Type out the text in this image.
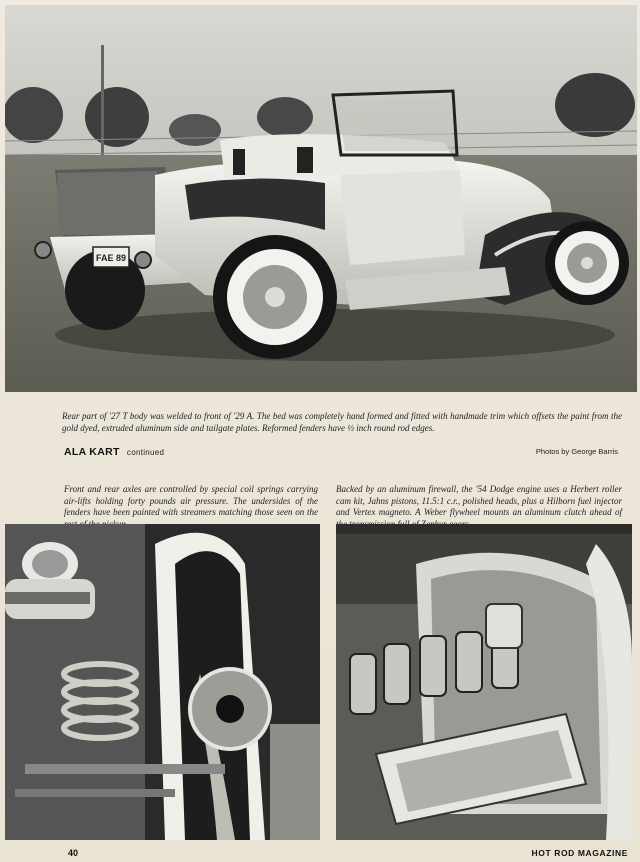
FAE 89

Rear part of '27 T body was welded to front of '29 A. The bed was completely hand formed and fitted with handmade trim which offsets the paint from the gold dyed, extruded aluminum side and tailgate plates. Reformed fenders have ½ inch round rod edges.

ALA KART continued	Photos by George Barris

Front and rear axles are controlled by special coil springs carrying air-lifts holding forty pounds air pressure. The undersides of the fenders have been painted with streamers matching those seen on the

Backed by an aluminum firewall, the '54 Dodge engine uses a Herbert roller cam kit, Jahns pistons, 11.5:1 c.r., polished heads, plus a Hilborn fuel injector and Vertex magneto. A Weber flywheel mounts an aluminum clutch ahead of

40	HOT ROD MAGAZINE
